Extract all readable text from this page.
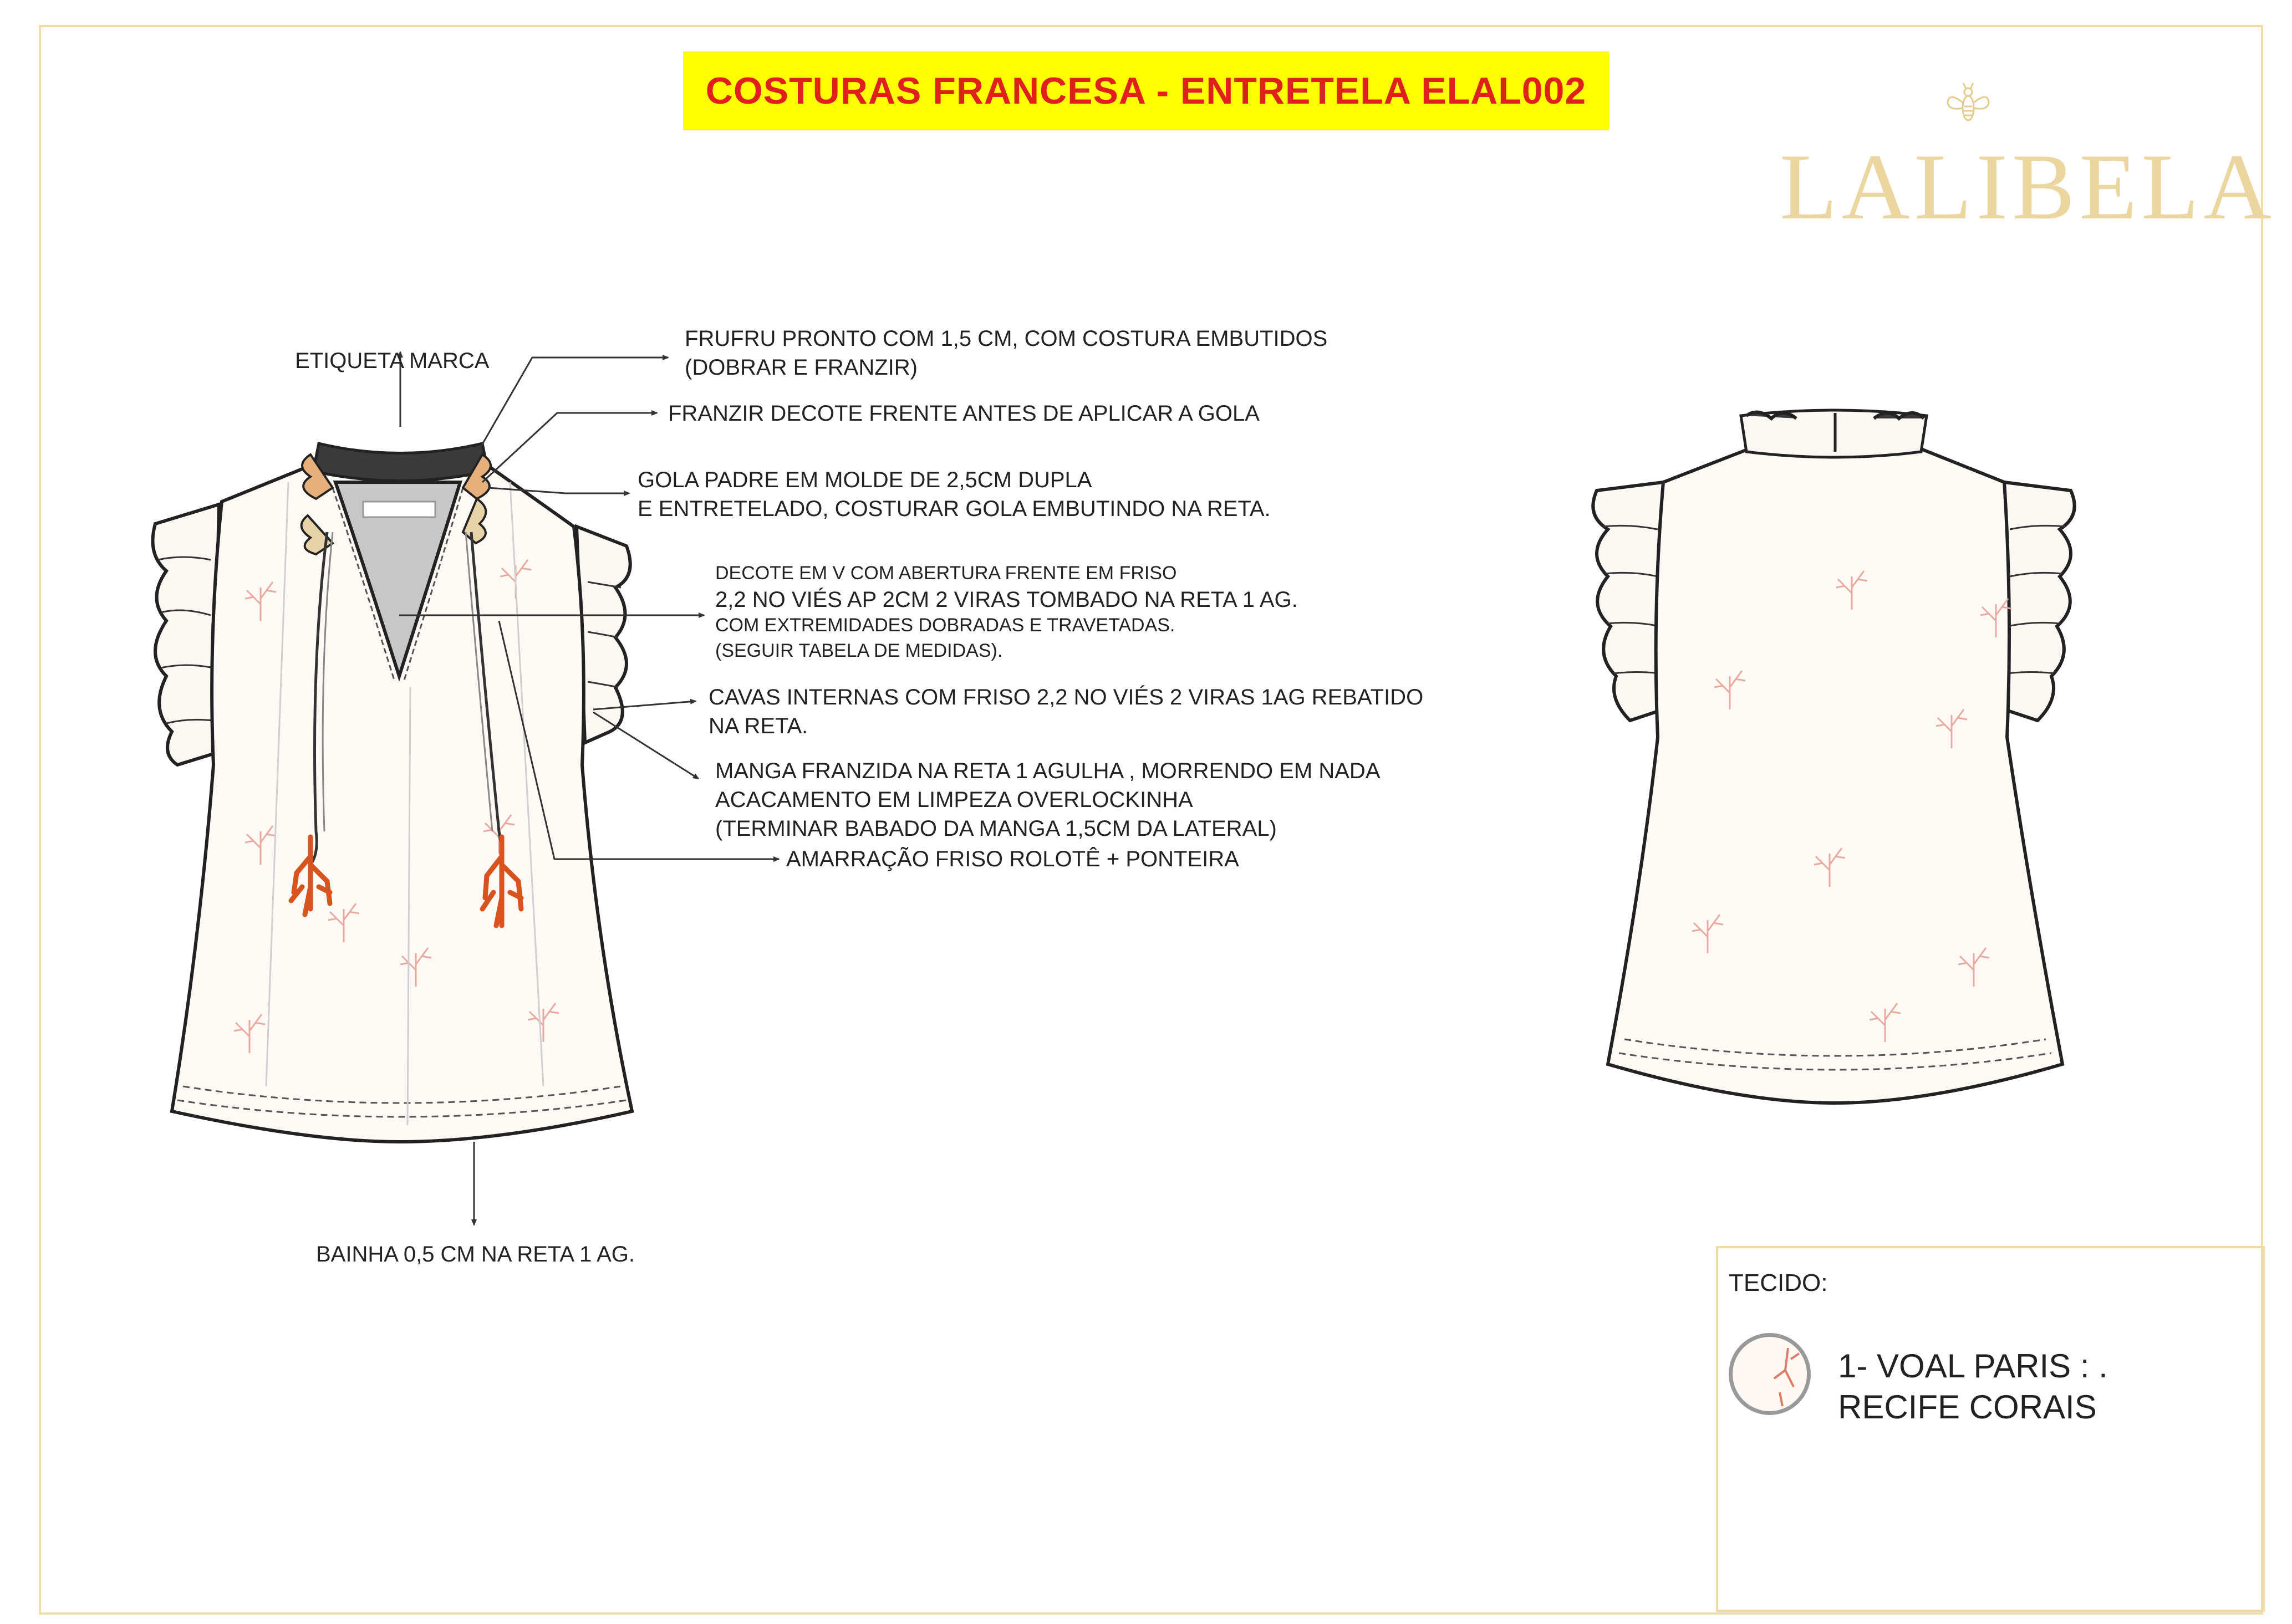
COSTURAS FRANCESA - ENTRETELA ELAL002
LALIBELA
ETIQUETA MARCA
FRUFRU PRONTO COM 1,5 CM, COM COSTURA EMBUTIDOS
(DOBRAR E FRANZIR)
FRANZIR DECOTE FRENTE ANTES DE APLICAR A GOLA
GOLA PADRE EM MOLDE DE 2,5CM DUPLA
E ENTRETELADO, COSTURAR GOLA EMBUTINDO NA RETA.
DECOTE EM V COM ABERTURA FRENTE EM FRISO
2,2 NO VIÉS AP 2CM 2 VIRAS TOMBADO NA RETA 1 AG.
COM EXTREMIDADES DOBRADAS E TRAVETADAS.
(SEGUIR TABELA DE MEDIDAS).
CAVAS INTERNAS COM FRISO 2,2 NO VIÉS 2 VIRAS 1AG REBATIDO
NA RETA.
MANGA FRANZIDA NA RETA 1 AGULHA , MORRENDO EM NADA
ACACAMENTO EM LIMPEZA OVERLOCKINHA
(TERMINAR BABADO DA MANGA 1,5CM DA LATERAL)
AMARRAÇÃO FRISO ROLOTÊ + PONTEIRA
BAINHA 0,5 CM NA RETA 1 AG.
TECIDO:
1- VOAL PARIS : .
RECIFE CORAIS
